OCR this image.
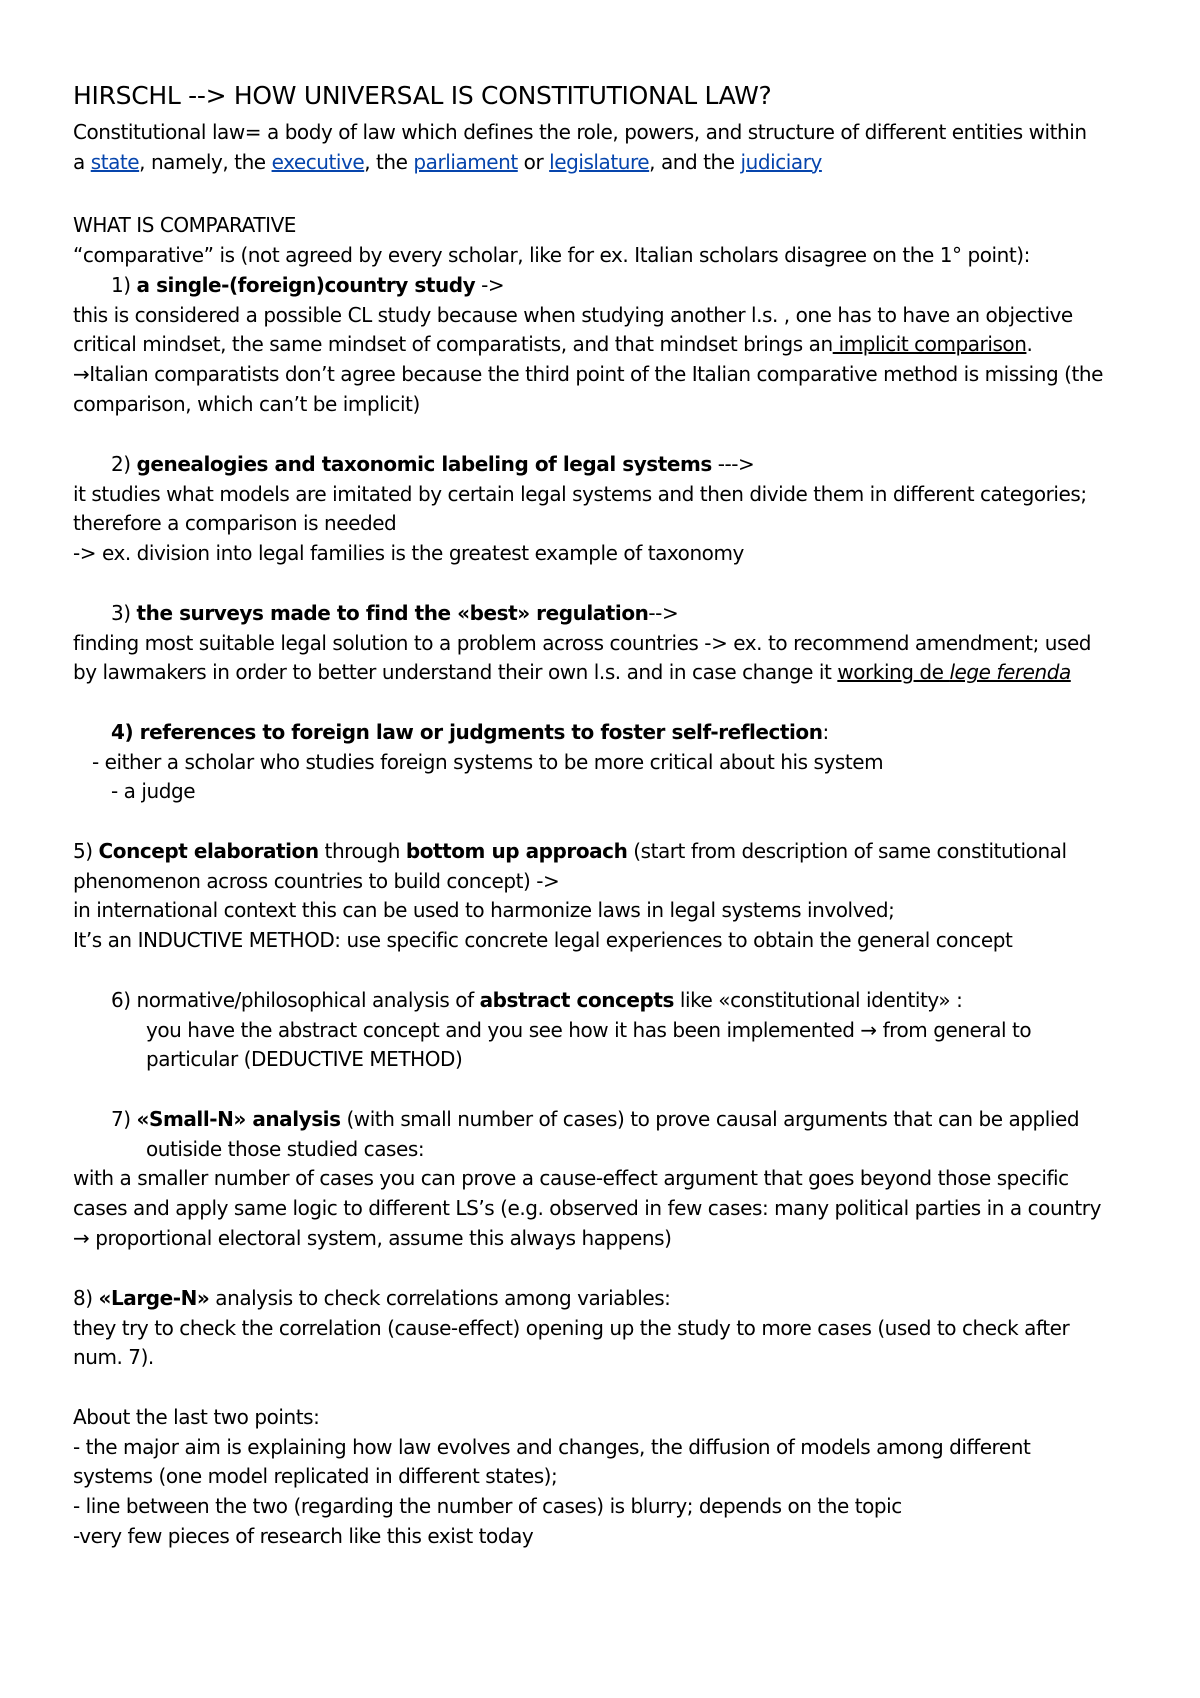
HIRSCHL --> HOW UNIVERSAL IS CONSTITUTIONAL LAW?
Constitutional law= a body of law which defines the role, powers, and structure of different entities within
a state, namely, the executive, the parliament or legislature, and the judiciary
WHAT IS COMPARATIVE
“comparative” is (not agreed by every scholar, like for ex. Italian scholars disagree on the 1° point):
1) a single-(foreign)country study ->
this is considered a possible CL study because when studying another l.s. , one has to have an objective
critical mindset, the same mindset of comparatists, and that mindset brings an implicit comparison.
→Italian comparatists don’t agree because the third point of the Italian comparative method is missing (the
comparison, which can’t be implicit)
2) genealogies and taxonomic labeling of legal systems --->
it studies what models are imitated by certain legal systems and then divide them in different categories;
therefore a comparison is needed
-> ex. division into legal families is the greatest example of taxonomy
3) the surveys made to find the «best» regulation-->
finding most suitable legal solution to a problem across countries -> ex. to recommend amendment; used
by lawmakers in order to better understand their own l.s. and in case change it working de lege ferenda
4) references to foreign law or judgments to foster self-reflection:
- either a scholar who studies foreign systems to be more critical about his system
- a judge
5) Concept elaboration through bottom up approach (start from description of same constitutional
phenomenon across countries to build concept) ->
in international context this can be used to harmonize laws in legal systems involved;
It’s an INDUCTIVE METHOD: use specific concrete legal experiences to obtain the general concept
6) normative/philosophical analysis of abstract concepts like «constitutional identity» :
you have the abstract concept and you see how it has been implemented → from general to
particular (DEDUCTIVE METHOD)
7) «Small-N» analysis (with small number of cases) to prove causal arguments that can be applied
outiside those studied cases:
with a smaller number of cases you can prove a cause-effect argument that goes beyond those specific
cases and apply same logic to different LS’s (e.g. observed in few cases: many political parties in a country
→ proportional electoral system, assume this always happens)
8) «Large-N» analysis to check correlations among variables:
they try to check the correlation (cause-effect) opening up the study to more cases (used to check after
num. 7).
About the last two points:
- the major aim is explaining how law evolves and changes, the diffusion of models among different
systems (one model replicated in different states);
- line between the two (regarding the number of cases) is blurry; depends on the topic
-very few pieces of research like this exist today
